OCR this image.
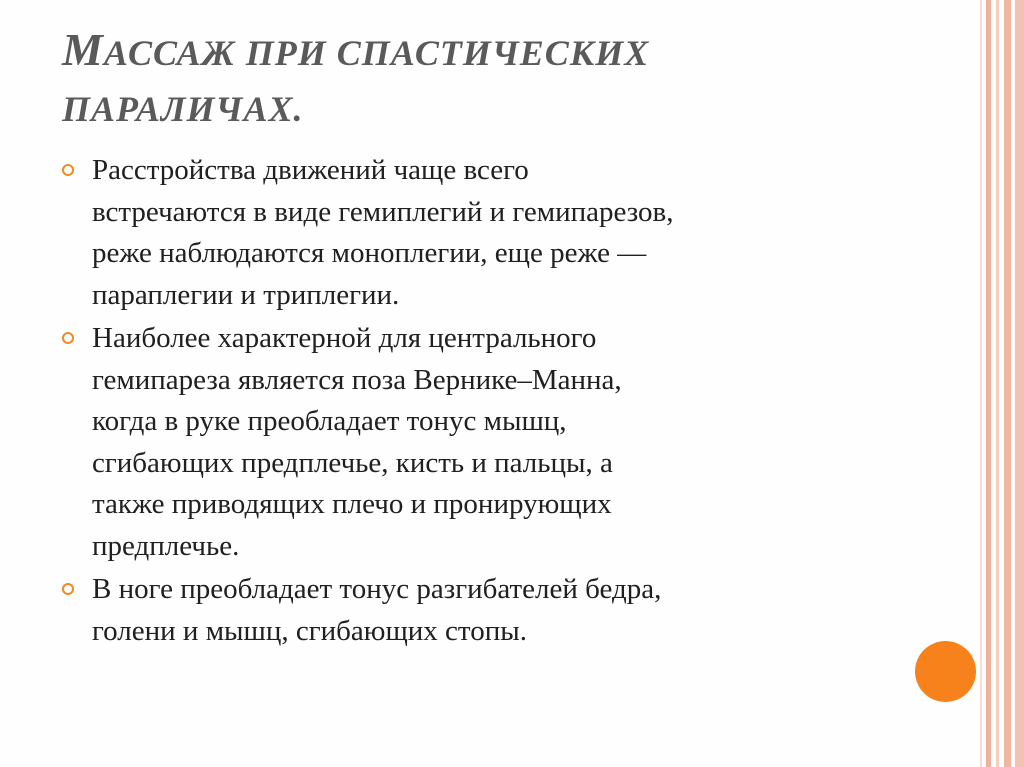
МАССАЖ ПРИ СПАСТИЧЕСКИХ
ПАРАЛИЧАХ.
Расстройства движений чаще всего
встречаются в виде гемиплегий и гемипарезов,
реже наблюдаются моноплегии, еще реже —
параплегии и триплегии.
Наиболее характерной для центрального
гемипареза является поза Вернике–Манна,
когда в руке преобладает тонус мышц,
сгибающих предплечье, кисть и пальцы, а
также приводящих плечо и пронирующих
предплечье.
В ноге преобладает тонус разгибателей бедра,
голени и мышц, сгибающих стопы.
